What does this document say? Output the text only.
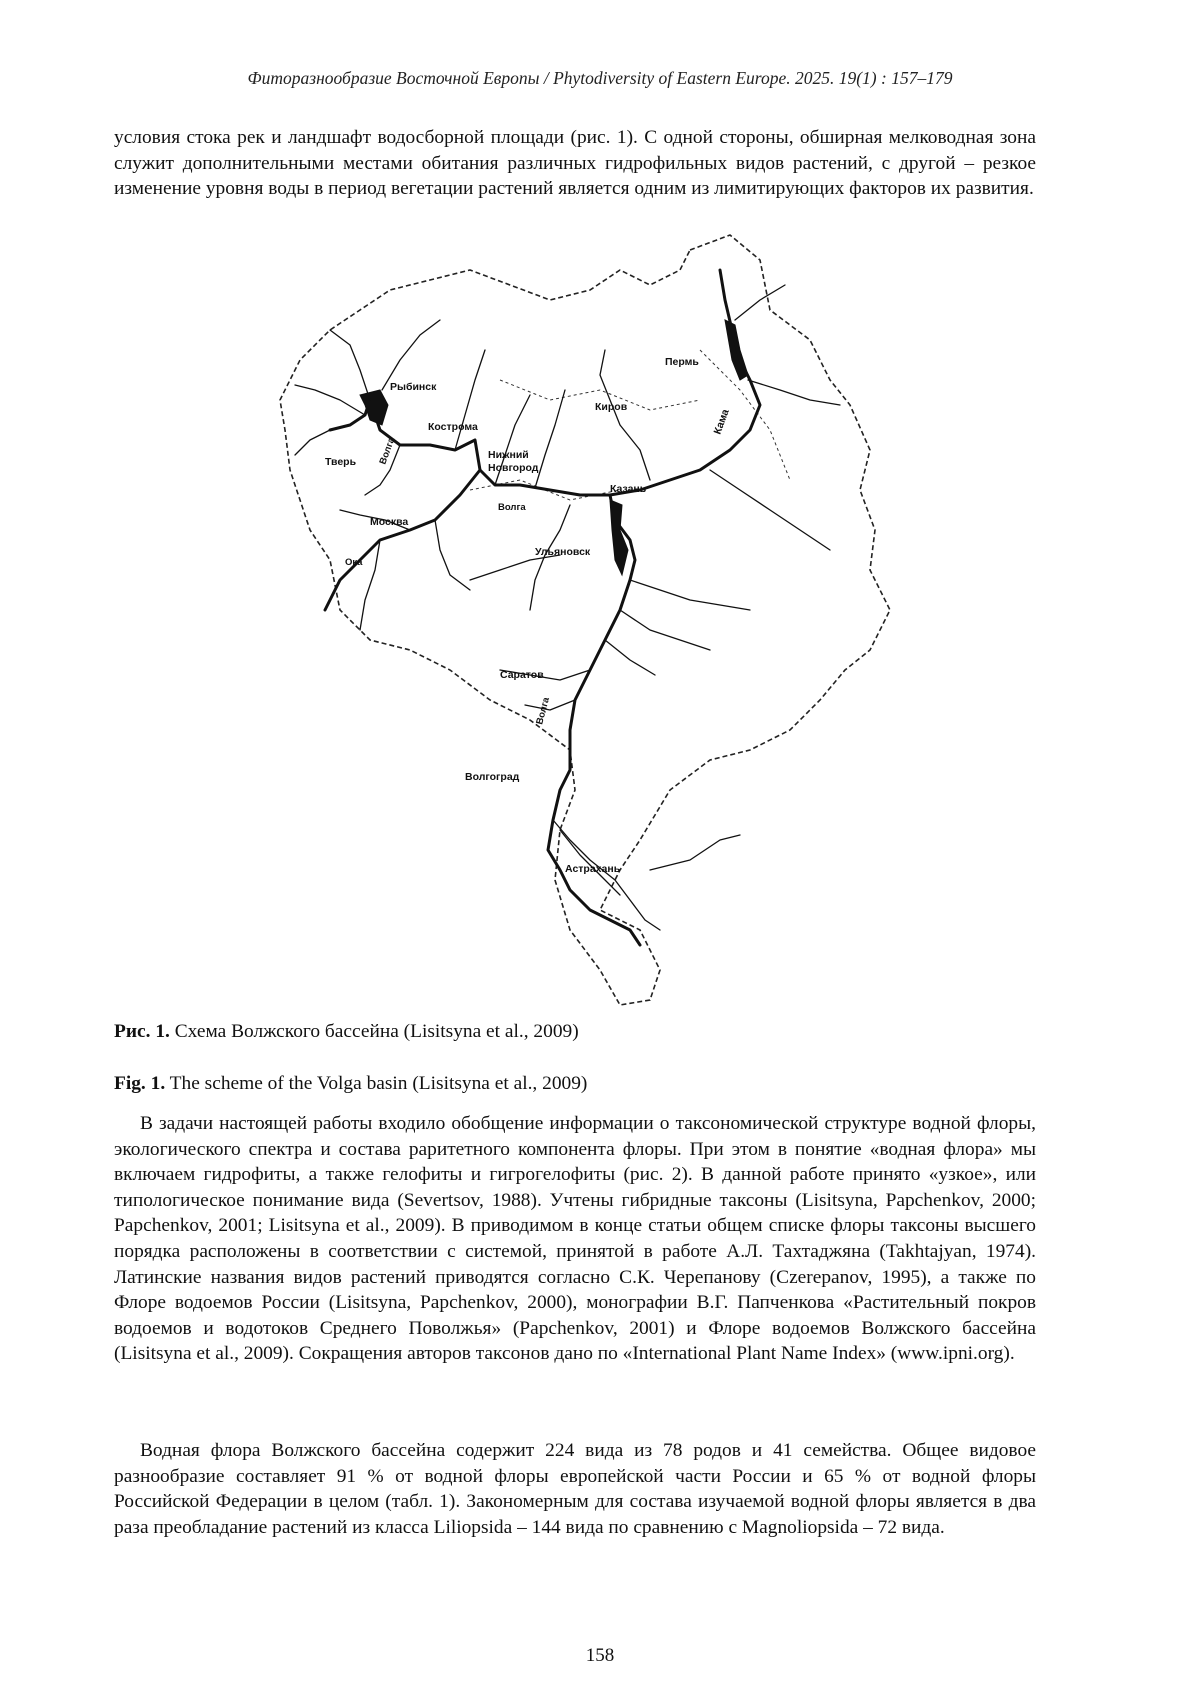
Фиторазнообразие Восточной Европы / Phytodiversity of Eastern Europe. 2025. 19(1) : 157–179

условия стока рек и ландшафт водосборной площади (рис. 1). С одной стороны, обширная мелководная зона служит дополнительными местами обитания различных гидрофильных видов растений, с другой – резкое изменение уровня воды в период вегетации растений является одним из лимитирующих факторов их развития.

Пермь
Кама
Киров
Рыбинск
Кострома
Тверь Волга	Нижний
Новгород
Казань
Волга
Москва
Ока
Ульяновск
Саратов
Волга
Волгоград
Астрахань

Рис. 1. Схема Волжского бассейна (Lisitsyna et al., 2009)

Fig. 1. The scheme of the Volga basin (Lisitsyna et al., 2009)

В задачи настоящей работы входило обобщение информации о таксономической структуре водной флоры, экологического спектра и состава раритетного компонента флоры. При этом в понятие «водная флора» мы включаем гидрофиты, а также гелофиты и гигрогелофиты (рис. 2). В данной работе принято «узкое», или типологическое понимание вида (Severtsov, 1988). Учтены гибридные таксоны (Lisitsyna, Papchenkov, 2000; Papchenkov, 2001; Lisitsyna et al., 2009). В приводимом в конце статьи общем списке флоры таксоны высшего порядка расположены в соответствии с системой, принятой в работе А.Л. Тахтаджяна (Takhtajyan, 1974). Латинские названия видов растений приводятся согласно С.К. Черепанову (Czerepanov, 1995), а также по Флоре водоемов России (Lisitsyna, Papchenkov, 2000), монографии В.Г. Папченкова «Растительный покров водоемов и водотоков Среднего Поволжья» (Papchenkov, 2001) и Флоре водоемов Волжского бассейна (Lisitsyna et al., 2009). Сокращения авторов таксонов дано по «International Plant Name Index» (www.ipni.org).

Водная флора Волжского бассейна содержит 224 вида из 78 родов и 41 семейства. Общее видовое разнообразие составляет 91 % от водной флоры европейской части России и 65 % от водной флоры Российской Федерации в целом (табл. 1). Закономерным для состава изучаемой водной флоры является в два раза преобладание растений из класса Liliopsida – 144 вида по сравнению с Magnoliopsida – 72 вида.

158
